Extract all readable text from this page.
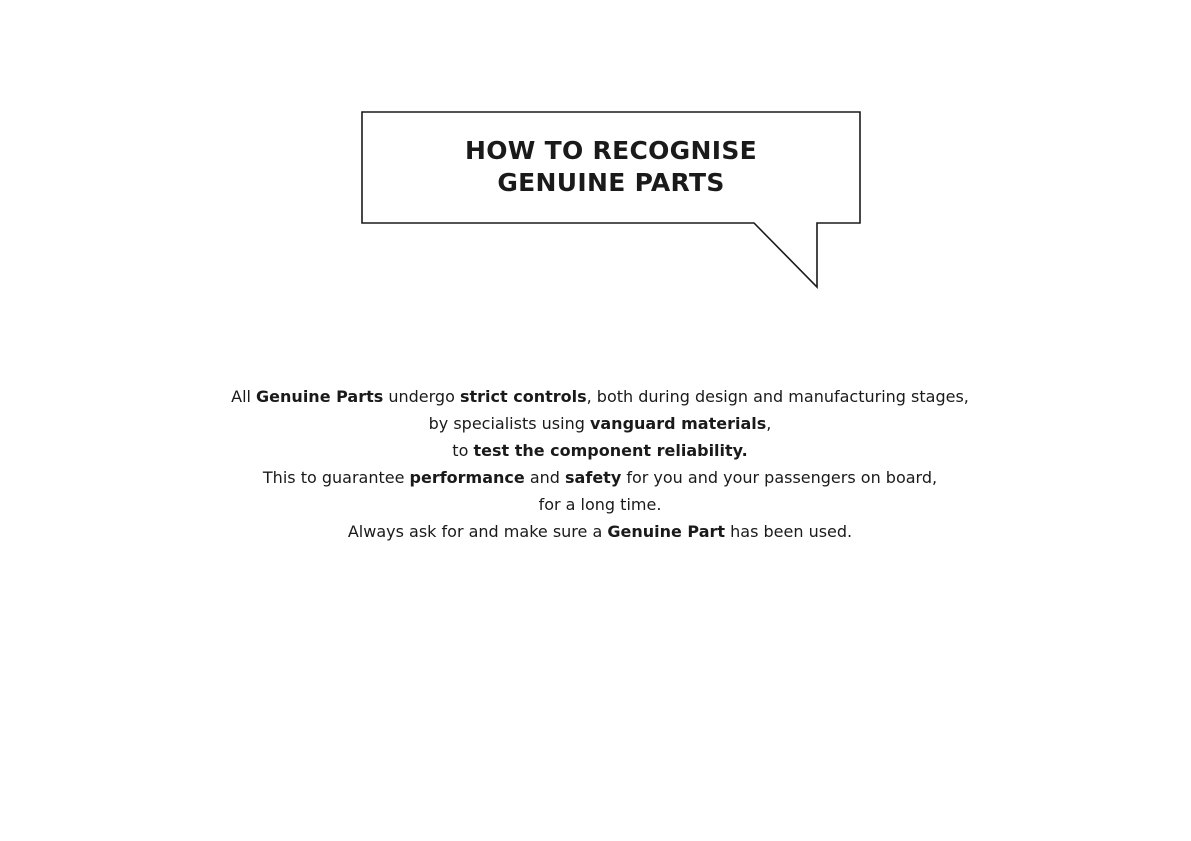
HOW TO RECOGNISE
GENUINE PARTS
All Genuine Parts undergo strict controls, both during design and manufacturing stages,
by specialists using vanguard materials,
to test the component reliability.
This to guarantee performance and safety for you and your passengers on board,
for a long time.
Always ask for and make sure a Genuine Part has been used.
